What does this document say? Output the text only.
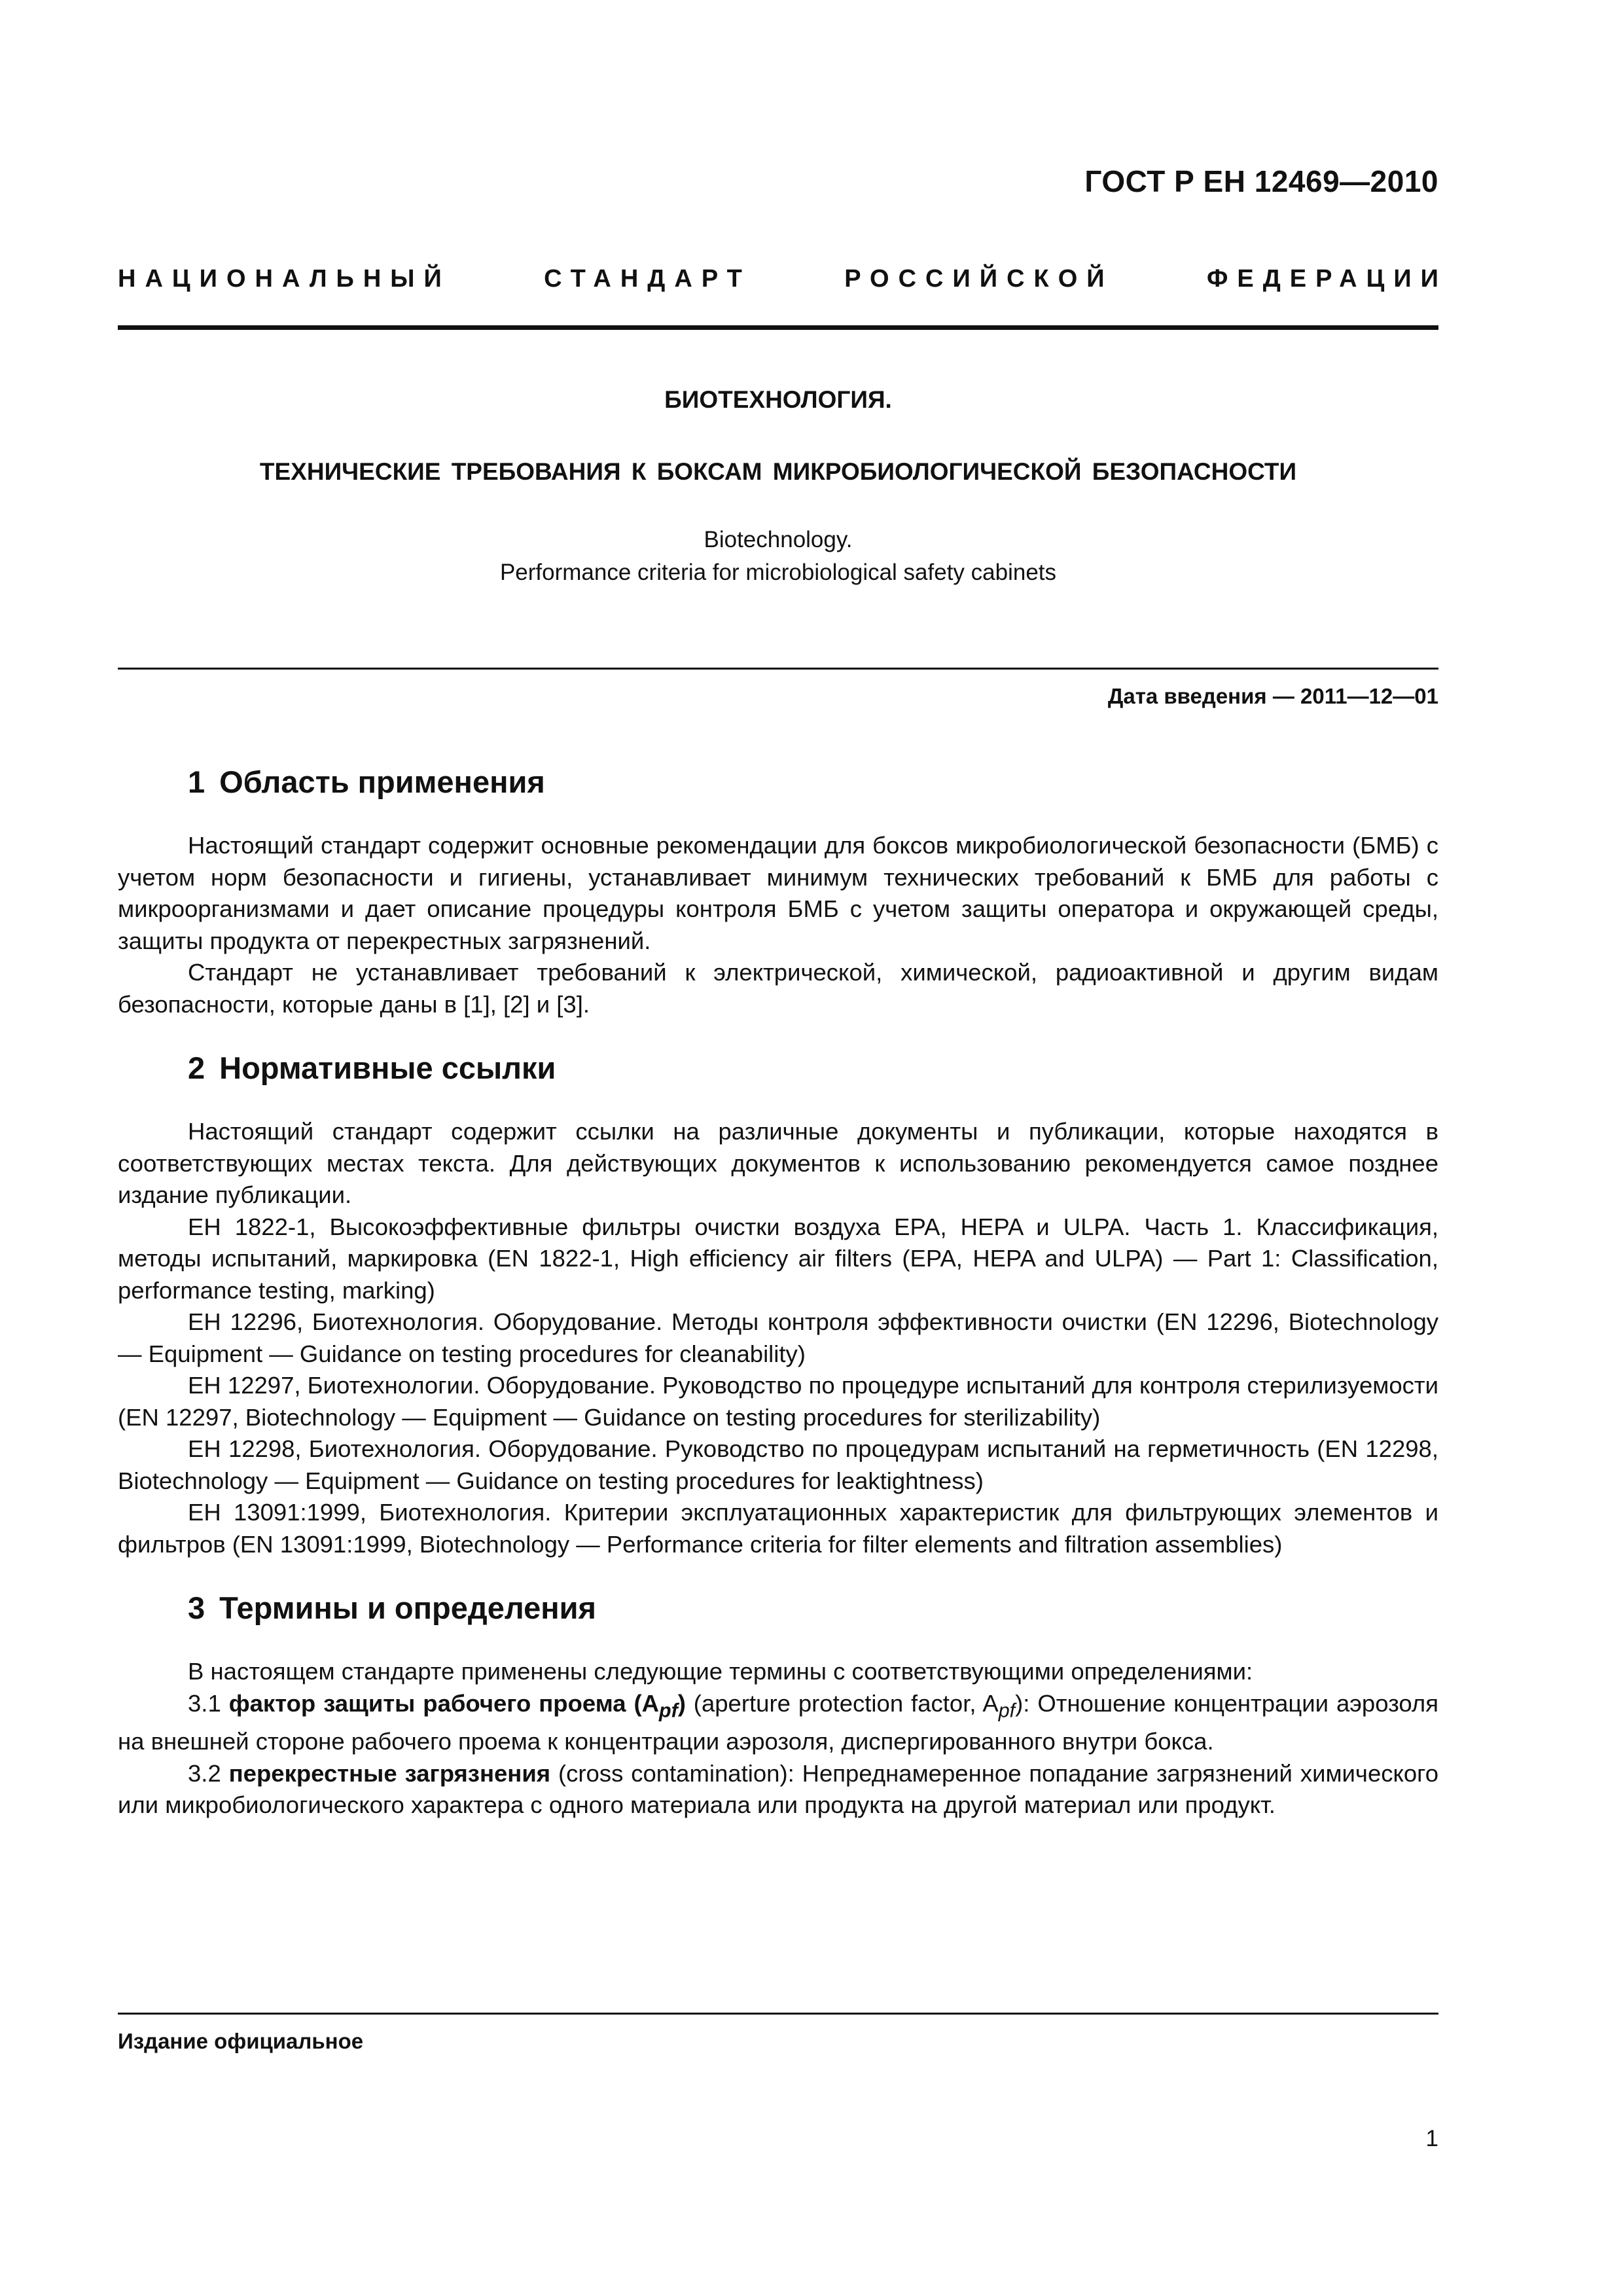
ГОСТ Р ЕН 12469—2010
НАЦИОНАЛЬНЫЙ	СТАНДАРТ	РОССИЙСКОЙ	ФЕДЕРАЦИИ
БИОТЕХНОЛОГИЯ.
ТЕХНИЧЕСКИЕ ТРЕБОВАНИЯ К БОКСАМ МИКРОБИОЛОГИЧЕСКОЙ БЕЗОПАСНОСТИ
Biotechnology.
Performance criteria for microbiological safety cabinets
Дата введения — 2011—12—01
1 Область применения

Настоящий стандарт содержит основные рекомендации для боксов микробиологической безопасности (БМБ) с учетом норм безопасности и гигиены, устанавливает минимум технических требований к БМБ для работы с микроорганизмами и дает описание процедуры контроля БМБ с учетом защиты оператора и окружающей среды, защиты продукта от перекрестных загрязнений.

Стандарт не устанавливает требований к электрической, химической, радиоактивной и другим видам безопасности, которые даны в [1], [2] и [3].

2 Нормативные ссылки

Настоящий стандарт содержит ссылки на различные документы и публикации, которые находятся в соответствующих местах текста. Для действующих документов к использованию рекомендуется самое позднее издание публикации.

ЕН 1822-1, Высокоэффективные фильтры очистки воздуха EPA, HEPA и ULPA. Часть 1. Классификация, методы испытаний, маркировка (EN 1822-1, High efficiency air filters (EPA, HEPA and ULPA) — Part 1: Classification, performance testing, marking)

ЕН 12296, Биотехнология. Оборудование. Методы контроля эффективности очистки (EN 12296, Biotechnology — Equipment — Guidance on testing procedures for cleanability)

ЕН 12297, Биотехнологии. Оборудование. Руководство по процедуре испытаний для контроля стерилизуемости (EN 12297, Biotechnology — Equipment — Guidance on testing procedures for sterilizability)

ЕН 12298, Биотехнология. Оборудование. Руководство по процедурам испытаний на герметичность (EN 12298, Biotechnology — Equipment — Guidance on testing procedures for leaktightness)

ЕН 13091:1999, Биотехнология. Критерии эксплуатационных характеристик для фильтрующих элементов и фильтров (EN 13091:1999, Biotechnology — Performance criteria for filter elements and filtration assemblies)

3 Термины и определения

В настоящем стандарте применены следующие термины с соответствующими определениями:

3.1 фактор защиты рабочего проема $(A_{pf})$ (aperture protection factor, $A_{pf}$): Отношение концентрации аэрозоля на внешней стороне рабочего проема к концентрации аэрозоля, диспергированного внутри бокса.

3.2 перекрестные загрязнения (cross contamination): Непреднамеренное попадание загрязнений химического или микробиологического характера с одного материала или продукта на другой материал или продукт.

Издание официальное
1
